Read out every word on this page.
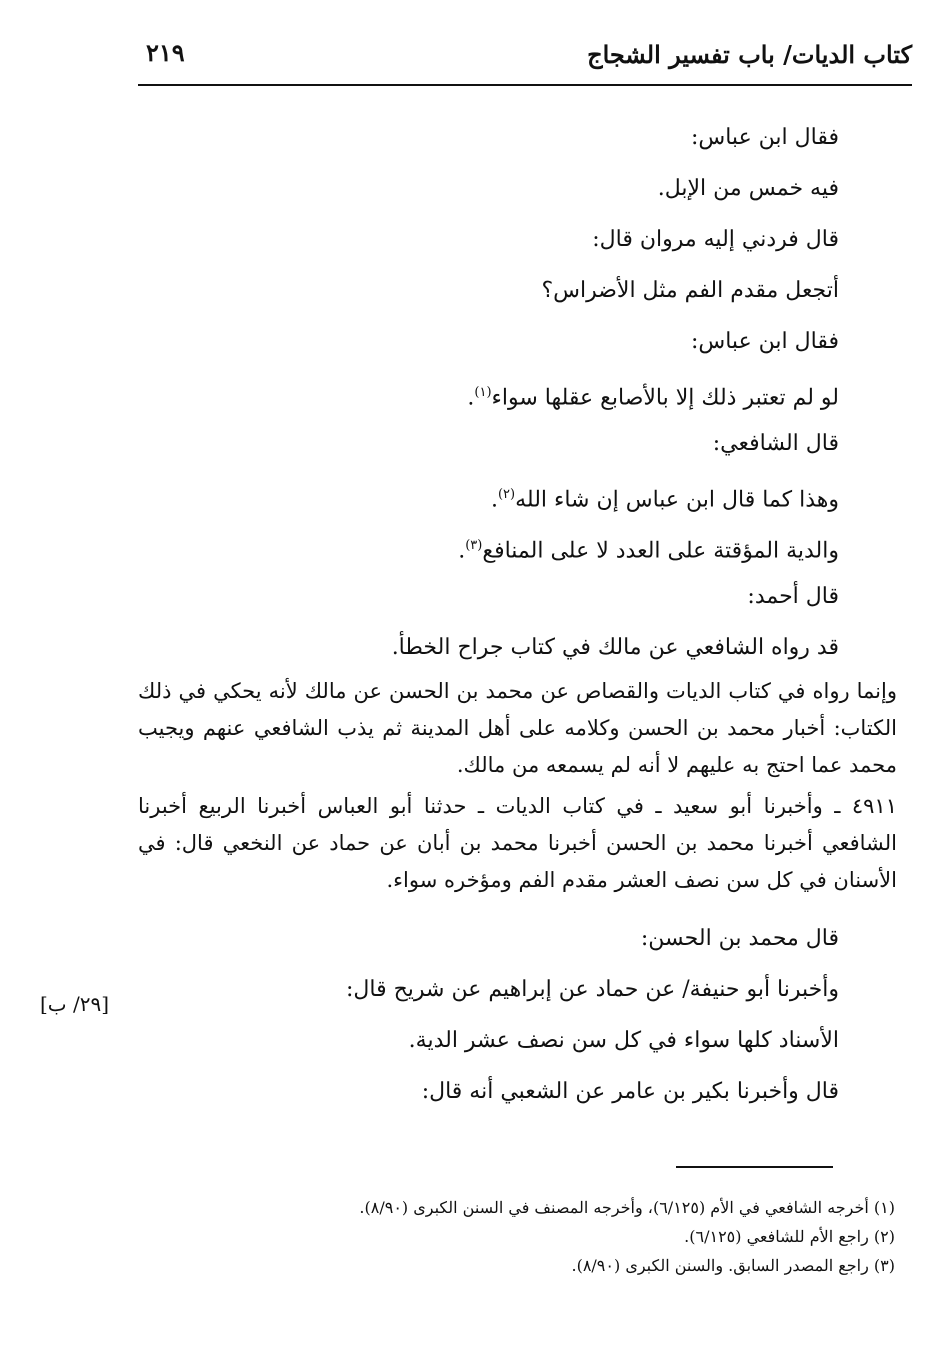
كتاب الديات/ باب تفسير الشجاج
٢١٩
فقال ابن عباس:
فيه خمس من الإبل.
قال فردني إليه مروان قال:
أتجعل مقدم الفم مثل الأضراس؟
فقال ابن عباس:
لو لم تعتبر ذلك إلا بالأصابع عقلها سواء$^{(١)}$.
قال الشافعي:
وهذا كما قال ابن عباس إن شاء الله$^{(٢)}$.
والدية المؤقتة على العدد لا على المنافع$^{(٣)}$.
قال أحمد:
قد رواه الشافعي عن مالك في كتاب جراح الخطأ.
وإنما رواه في كتاب الديات والقصاص عن محمد بن الحسن عن مالك لأنه يحكي في ذلك الكتاب: أخبار محمد بن الحسن وكلامه على أهل المدينة ثم يذب الشافعي عنهم ويجيب محمد عما احتج به عليهم لا أنه لم يسمعه من مالك.
٤٩١١ ـ وأخبرنا أبو سعيد ـ في كتاب الديات ـ حدثنا أبو العباس أخبرنا الربيع أخبرنا الشافعي أخبرنا محمد بن الحسن أخبرنا محمد بن أبان عن حماد عن النخعي قال: في الأسنان في كل سن نصف العشر مقدم الفم ومؤخره سواء.
قال محمد بن الحسن:
وأخبرنا أبو حنيفة/ عن حماد عن إبراهيم عن شريح قال:
الأسناد كلها سواء في كل سن نصف عشر الدية.
قال وأخبرنا بكير بن عامر عن الشعبي أنه قال:
[٢٩/ ب]
(١) أخرجه الشافعي في الأم (٦/١٢٥)، وأخرجه المصنف في السنن الكبرى (٨/٩٠).
(٢) راجع الأم للشافعي (٦/١٢٥).
(٣) راجع المصدر السابق. والسنن الكبرى (٨/٩٠).
